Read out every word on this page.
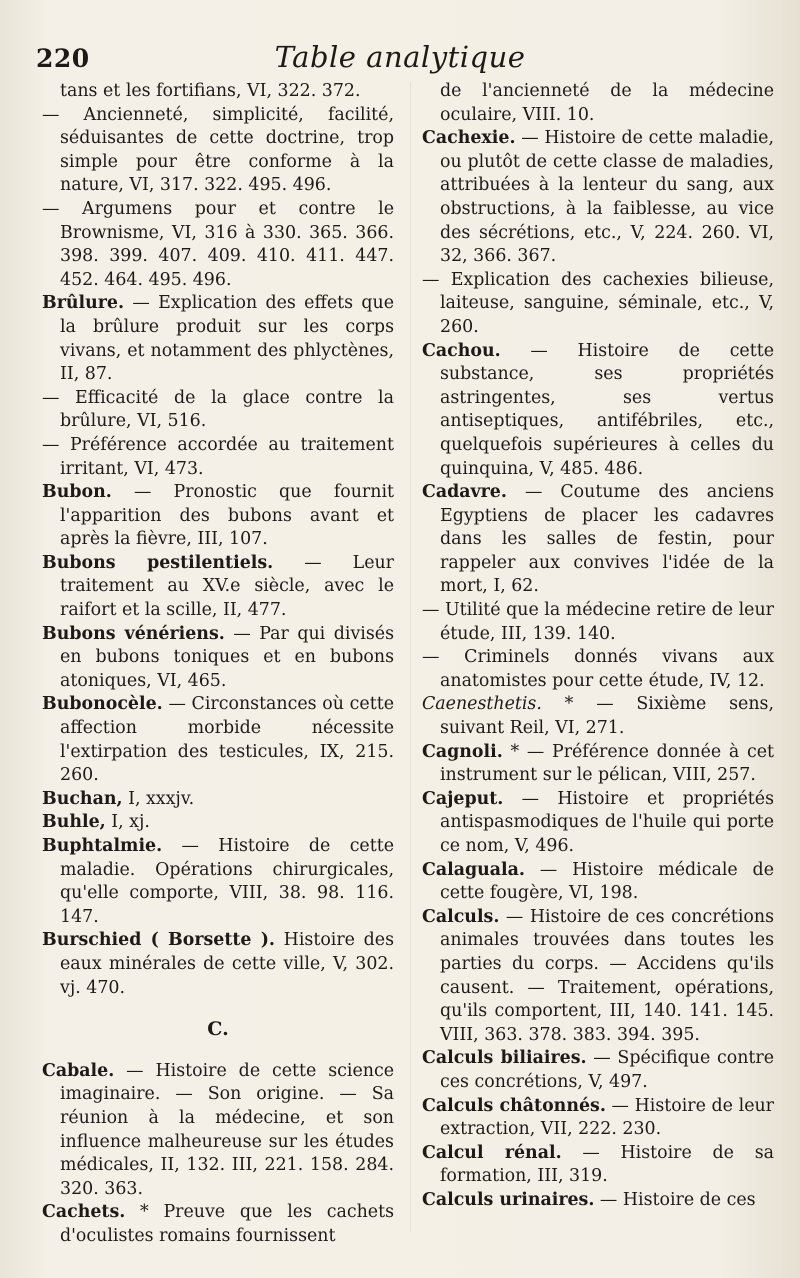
220	Table analytique

tans et les fortifians, VI, 322. 372.

— Ancienneté, simplicité, facilité, séduisantes de cette doctrine, trop simple pour être conforme à la nature, VI, 317. 322. 495. 496.

— Argumens pour et contre le Brownisme, VI, 316 à 330. 365. 366. 398. 399. 407. 409. 410. 411. 447. 452. 464. 495. 496.

Brûlure. — Explication des effets que la brûlure produit sur les corps vivans, et notamment des phlyctènes, II, 87.

— Efficacité de la glace contre la brûlure, VI, 516.

— Préférence accordée au traitement irritant, VI, 473.

Bubon. — Pronostic que fournit l'apparition des bubons avant et après la fièvre, III, 107.

Bubons pestilentiels. — Leur traitement au XV.e siècle, avec le raifort et la scille, II, 477.

Bubons vénériens. — Par qui divisés en bubons toniques et en bubons atoniques, VI, 465.

Bubonocèle. — Circonstances où cette affection morbide nécessite l'extirpation des testicules, IX, 215. 260.

Buchan, I, xxxjv.

Buhle, I, xj.

Buphtalmie. — Histoire de cette maladie. Opérations chirurgicales, qu'elle comporte, VIII, 38. 98. 116. 147.

Burschied ( Borsette ). Histoire des eaux minérales de cette ville, V, 302. vj. 470.

C.

Cabale. — Histoire de cette science imaginaire. — Son origine. — Sa réunion à la médecine, et son influence malheureuse sur les études médicales, II, 132. III, 221. 158. 284. 320. 363.

Cachets. * Preuve que les cachets d'oculistes romains fournissent

de l'ancienneté de la médecine oculaire, VIII. 10.

Cachexie. — Histoire de cette maladie, ou plutôt de cette classe de maladies, attribuées à la lenteur du sang, aux obstructions, à la faiblesse, au vice des sécrétions, etc., V, 224. 260. VI, 32, 366. 367.

— Explication des cachexies bilieuse, laiteuse, sanguine, séminale, etc., V, 260.

Cachou. — Histoire de cette substance, ses propriétés astringentes, ses vertus antiseptiques, antifébriles, etc., quelquefois supérieures à celles du quinquina, V, 485. 486.

Cadavre. — Coutume des anciens Egyptiens de placer les cadavres dans les salles de festin, pour rappeler aux convives l'idée de la mort, I, 62.

— Utilité que la médecine retire de leur étude, III, 139. 140.

— Criminels donnés vivans aux anatomistes pour cette étude, IV, 12.

Caenesthetis. * — Sixième sens, suivant Reil, VI, 271.

Cagnoli. * — Préférence donnée à cet instrument sur le pélican, VIII, 257.

Cajeput. — Histoire et propriétés antispasmodiques de l'huile qui porte ce nom, V, 496.

Calaguala. — Histoire médicale de cette fougère, VI, 198.

Calculs. — Histoire de ces concrétions animales trouvées dans toutes les parties du corps. — Accidens qu'ils causent. — Traitement, opérations, qu'ils comportent, III, 140. 141. 145. VIII, 363. 378. 383. 394. 395.

Calculs biliaires. — Spécifique contre ces concrétions, V, 497.

Calculs châtonnés. — Histoire de leur extraction, VII, 222. 230.

Calcul rénal. — Histoire de sa formation, III, 319.

Calculs urinaires. — Histoire de ces
